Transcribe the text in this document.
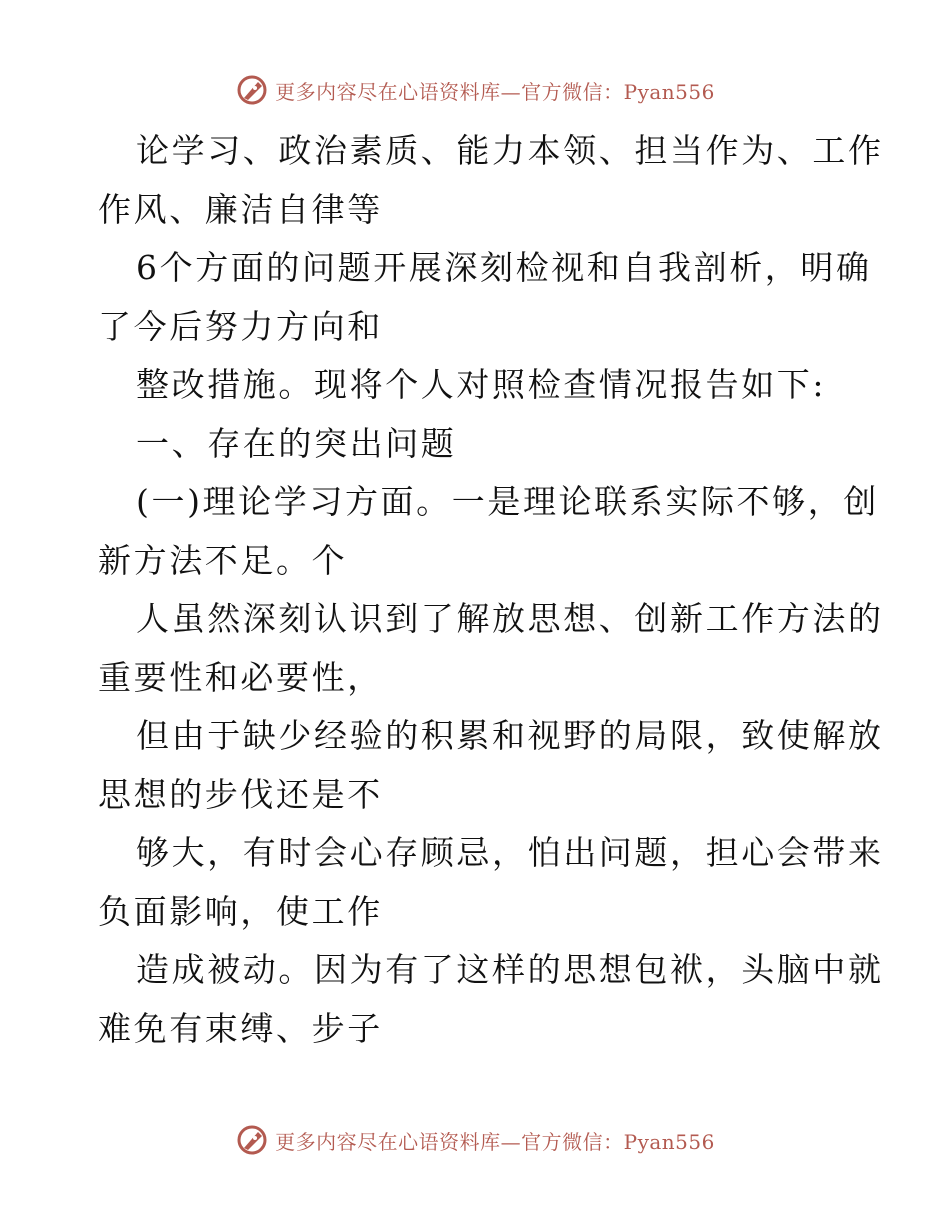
更多内容尽在心语资料库—官方微信：Pyan556
论学习、政治素质、能力本领、担当作为、工作
作风、廉洁自律等
6个方面的问题开展深刻检视和自我剖析，明确
了今后努力方向和
整改措施。现将个人对照检查情况报告如下:
一、存在的突出问题
(一)理论学习方面。一是理论联系实际不够，创
新方法不足。个
人虽然深刻认识到了解放思想、创新工作方法的
重要性和必要性，
但由于缺少经验的积累和视野的局限，致使解放
思想的步伐还是不
够大，有时会心存顾忌，怕出问题，担心会带来
负面影响，使工作
造成被动。因为有了这样的思想包袱，头脑中就
难免有束缚、步子
更多内容尽在心语资料库—官方微信：Pyan556
